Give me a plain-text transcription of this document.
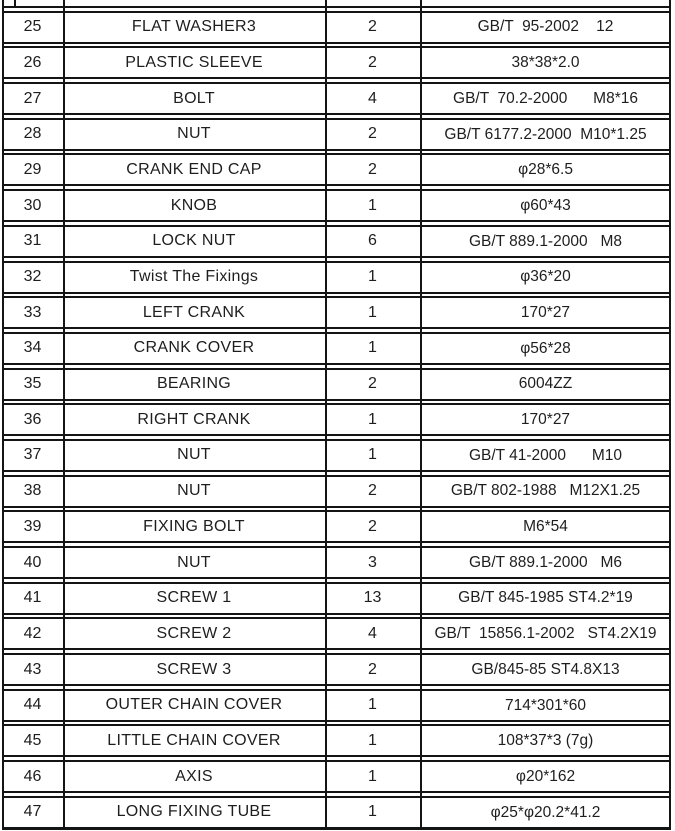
25	FLAT WASHER3	2	GB/T  95-2002    12
26	PLASTIC SLEEVE	2	38*38*2.0
27	BOLT	4	GB/T  70.2-2000      M8*16
28	NUT	2	GB/T 6177.2-2000  M10*1.25
29	CRANK END CAP	2	φ28*6.5
30	KNOB	1	φ60*43
31	LOCK NUT	6	GB/T 889.1-2000   M8
32	Twist The Fixings	1	φ36*20
33	LEFT CRANK	1	170*27
34	CRANK COVER	1	φ56*28
35	BEARING	2	6004ZZ
36	RIGHT CRANK	1	170*27
37	NUT	1	GB/T 41-2000      M10
38	NUT	2	GB/T 802-1988   M12X1.25
39	FIXING BOLT	2	M6*54
40	NUT	3	GB/T 889.1-2000   M6
41	SCREW 1	13	GB/T 845-1985 ST4.2*19
42	SCREW 2	4	GB/T  15856.1-2002   ST4.2X19
43	SCREW 3	2	GB/845-85 ST4.8X13
44	OUTER CHAIN COVER	1	714*301*60
45	LITTLE CHAIN COVER	1	108*37*3 (7g)
46	AXIS	1	φ20*162
47	LONG FIXING TUBE	1	φ25*φ20.2*41.2
